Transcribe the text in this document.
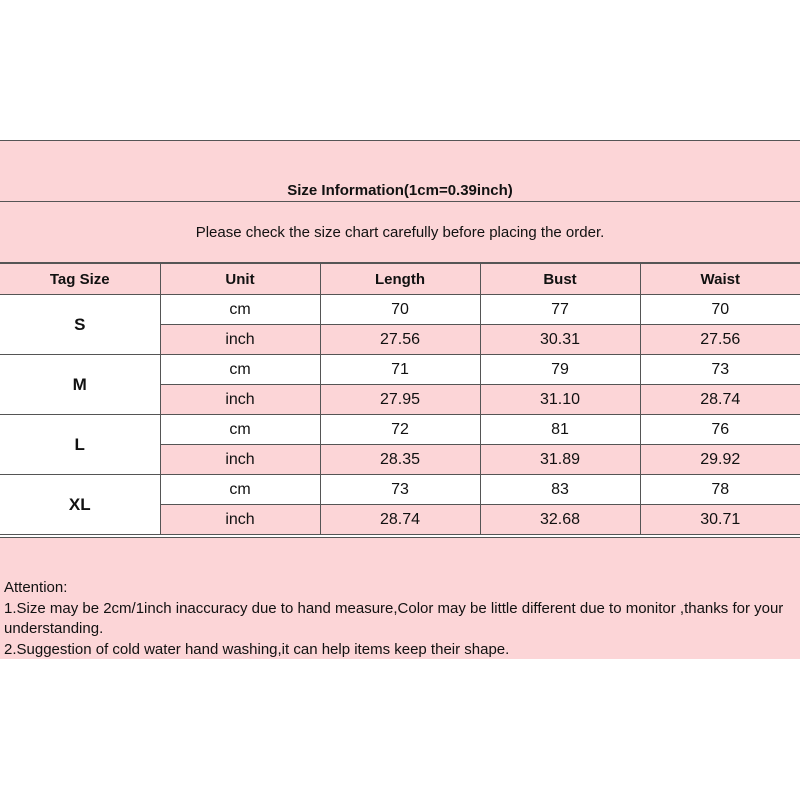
Size Information(1cm=0.39inch)
Please check the size chart carefully before placing the order.
Tag Size	Unit	Length	Bust	Waist
S	cm	70	77	70
	inch	27.56	30.31	27.56
M	cm	71	79	73
	inch	27.95	31.10	28.74
L	cm	72	81	76
	inch	28.35	31.89	29.92
XL	cm	73	83	78
	inch	28.74	32.68	30.71
Attention:
1.Size may be 2cm/1inch inaccuracy due to hand measure,Color may be little different due to monitor ,thanks for your understanding.
2.Suggestion of cold water hand washing,it can help items keep their shape.
